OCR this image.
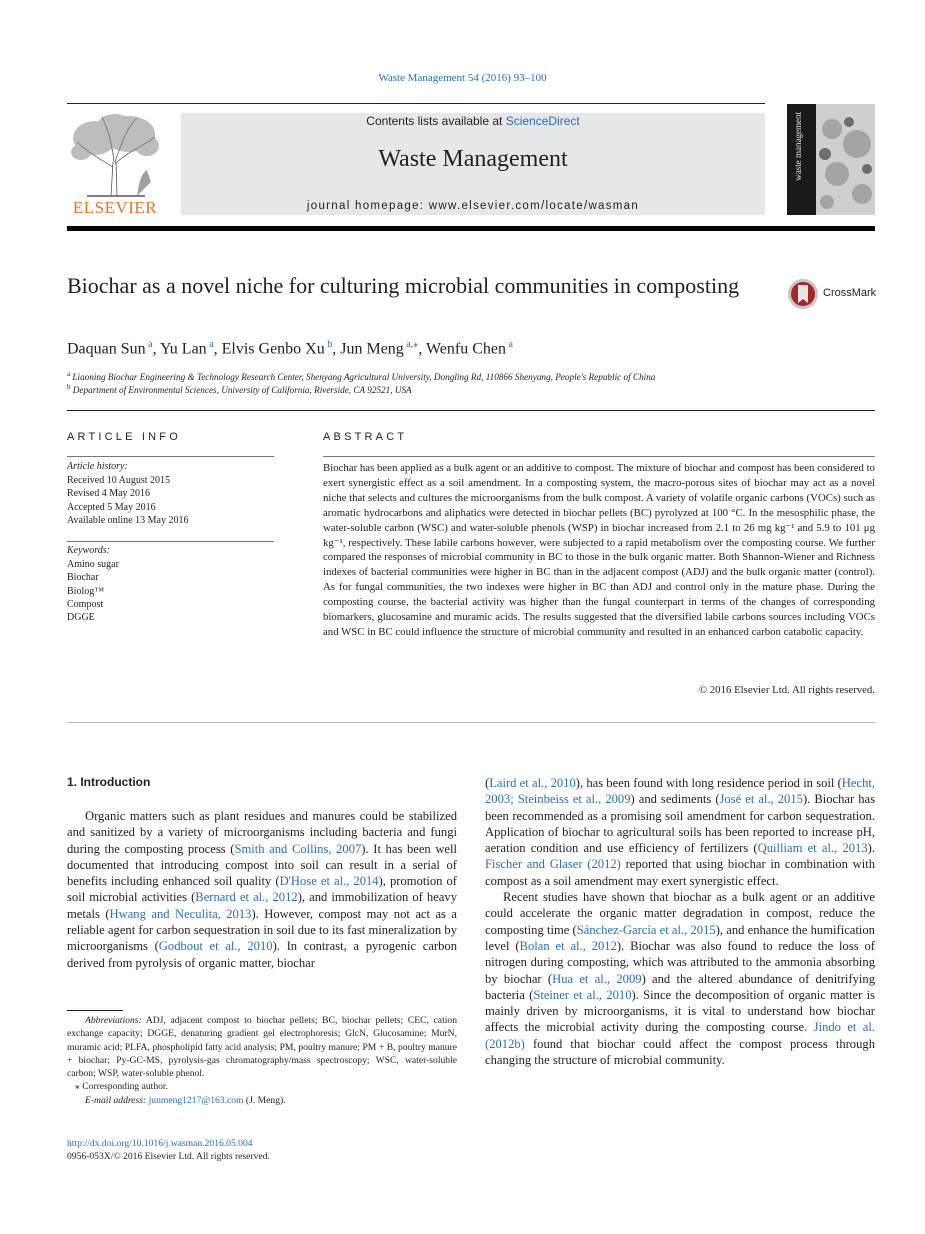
Waste Management 54 (2016) 93–100
ELSEVIER
Contents lists available at ScienceDirect
Waste Management
journal homepage: www.elsevier.com/locate/wasman
waste management
Biochar as a novel niche for culturing microbial communities in composting	CrossMark
Daquan Sun $^a$, Yu Lan $^a$, Elvis Genbo Xu $^b$, Jun Meng $^{a,⁎}$, Wenfu Chen $^a$
$^a$ Liaoning Biochar Engineering & Technology Research Center, Shenyang Agricultural University, Dongling Rd, 110866 Shenyang, People's Republic of China
$^b$ Department of Environmental Sciences, University of California, Riverside, CA 92521, USA
ARTICLE INFO
Article history:
Received 10 August 2015
Revised 4 May 2016
Accepted 5 May 2016
Available online 13 May 2016
Keywords:
Amino sugar
Biochar
Biolog™
Compost
DGGE
ABSTRACT
Biochar has been applied as a bulk agent or an additive to compost. The mixture of biochar and compost has been considered to exert synergistic effect as a soil amendment. In a composting system, the macro-porous sites of biochar may act as a novel niche that selects and cultures the microorganisms from the bulk compost. A variety of volatile organic carbons (VOCs) such as aromatic hydrocarbons and aliphatics were detected in biochar pellets (BC) pyrolyzed at 100 °C. In the mesosphilic phase, the water-soluble carbon (WSC) and water-soluble phenols (WSP) in biochar increased from 2.1 to 26 mg kg⁻¹ and 5.9 to 101 μg kg⁻¹, respectively. These labile carbons however, were subjected to a rapid metabolism over the composting course. We further compared the responses of microbial community in BC to those in the bulk organic matter. Both Shannon-Wiener and Richness indexes of bacterial communities were higher in BC than in the adjacent compost (ADJ) and the bulk organic matter (control). As for fungal communities, the two indexes were higher in BC than ADJ and control only in the mature phase. During the composting course, the bacterial activity was higher than the fungal counterpart in terms of the changes of corresponding biomarkers, glucosamine and muramic acids. The results suggested that the diversified labile carbons sources including VOCs and WSC in BC could influence the structure of microbial community and resulted in an enhanced carbon catabolic capacity.
© 2016 Elsevier Ltd. All rights reserved.
1. Introduction
Organic matters such as plant residues and manures could be stabilized and sanitized by a variety of microorganisms including bacteria and fungi during the composting process (Smith and Collins, 2007). It has been well documented that introducing compost into soil can result in a serial of benefits including enhanced soil quality (D'Hose et al., 2014), promotion of soil microbial activities (Bernard et al., 2012), and immobilization of heavy metals (Hwang and Neculita, 2013). However, compost may not act as a reliable agent for carbon sequestration in soil due to its fast mineralization by microorganisms (Godbout et al., 2010). In contrast, a pyrogenic carbon derived from pyrolysis of organic matter, biochar
(Laird et al., 2010), has been found with long residence period in soil (Hecht, 2003; Steinbeiss et al., 2009) and sediments (José et al., 2015). Biochar has been recommended as a promising soil amendment for carbon sequestration. Application of biochar to agricultural soils has been reported to increase pH, aeration condition and use efficiency of fertilizers (Quilliam et al., 2013). Fischer and Glaser (2012) reported that using biochar in combination with compost as a soil amendment may exert synergistic effect.
Recent studies have shown that biochar as a bulk agent or an additive could accelerate the organic matter degradation in compost, reduce the composting time (Sánchez-García et al., 2015), and enhance the humification level (Bolan et al., 2012). Biochar was also found to reduce the loss of nitrogen during composting, which was attributed to the ammonia absorbing by biochar (Hua et al., 2009) and the altered abundance of denitrifying bacteria (Steiner et al., 2010). Since the decomposition of organic matter is mainly driven by microorganisms, it is vital to understand how biochar affects the microbial activity during the composting course. Jindo et al. (2012b) found that biochar could affect the compost process through changing the structure of microbial community.
Abbreviations: ADJ, adjacent compost to biochar pellets; BC, biochar pellets; CEC, cation exchange capacity; DGGE, denaturing gradient gel electrophoresis; GlcN, Glucosamine; MurN, muramic acid; PLFA, phospholipid fatty acid analysis; PM, poultry manure; PM + B, poultry manure + biochar; Py-GC-MS, pyrolysis-gas chromatography/mass spectroscopy; WSC, water-soluble carbon; WSP, water-soluble phenol.
⁎ Corresponding author.
E-mail address: junmeng1217@163.com (J. Meng).
http://dx.doi.org/10.1016/j.wasman.2016.05.004
0956-053X/© 2016 Elsevier Ltd. All rights reserved.
